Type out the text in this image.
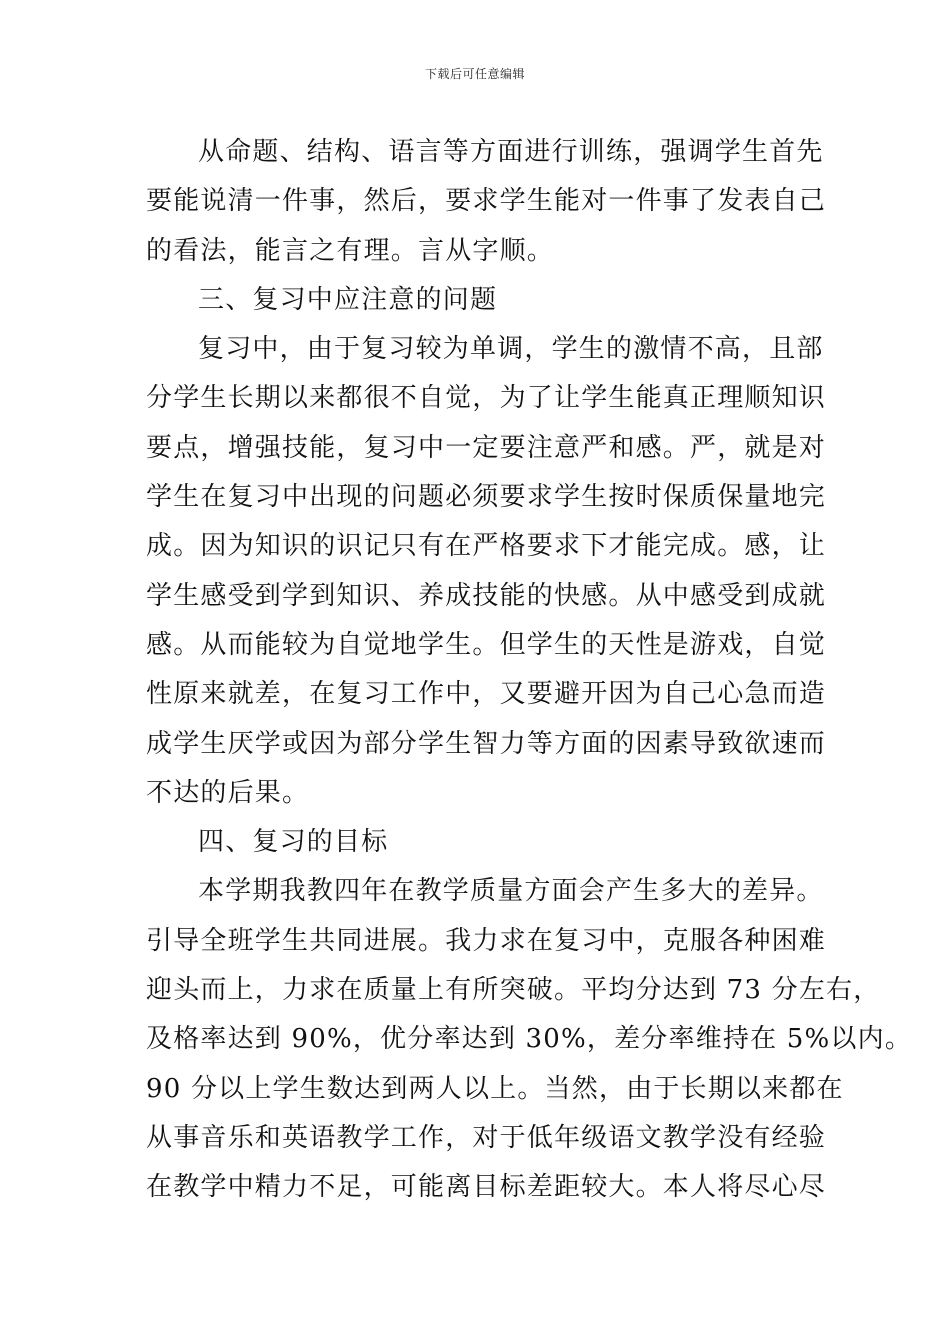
下载后可任意编辑
从命题、结构、语言等方面进行训练，强调学生首先
要能说清一件事，然后，要求学生能对一件事了发表自己
的看法，能言之有理。言从字顺。
三、复习中应注意的问题
复习中，由于复习较为单调，学生的激情不高，且部
分学生长期以来都很不自觉，为了让学生能真正理顺知识
要点，增强技能，复习中一定要注意严和感。严，就是对
学生在复习中出现的问题必须要求学生按时保质保量地完
成。因为知识的识记只有在严格要求下才能完成。感，让
学生感受到学到知识、养成技能的快感。从中感受到成就
感。从而能较为自觉地学生。但学生的天性是游戏，自觉
性原来就差，在复习工作中，又要避开因为自己心急而造
成学生厌学或因为部分学生智力等方面的因素导致欲速而
不达的后果。
四、复习的目标
本学期我教四年在教学质量方面会产生多大的差异。
引导全班学生共同进展。我力求在复习中，克服各种困难
迎头而上，力求在质量上有所突破。平均分达到 73 分左右，
及格率达到 90%，优分率达到 30%，差分率维持在 5%以内。
90 分以上学生数达到两人以上。当然，由于长期以来都在
从事音乐和英语教学工作，对于低年级语文教学没有经验
在教学中精力不足，可能离目标差距较大。本人将尽心尽
